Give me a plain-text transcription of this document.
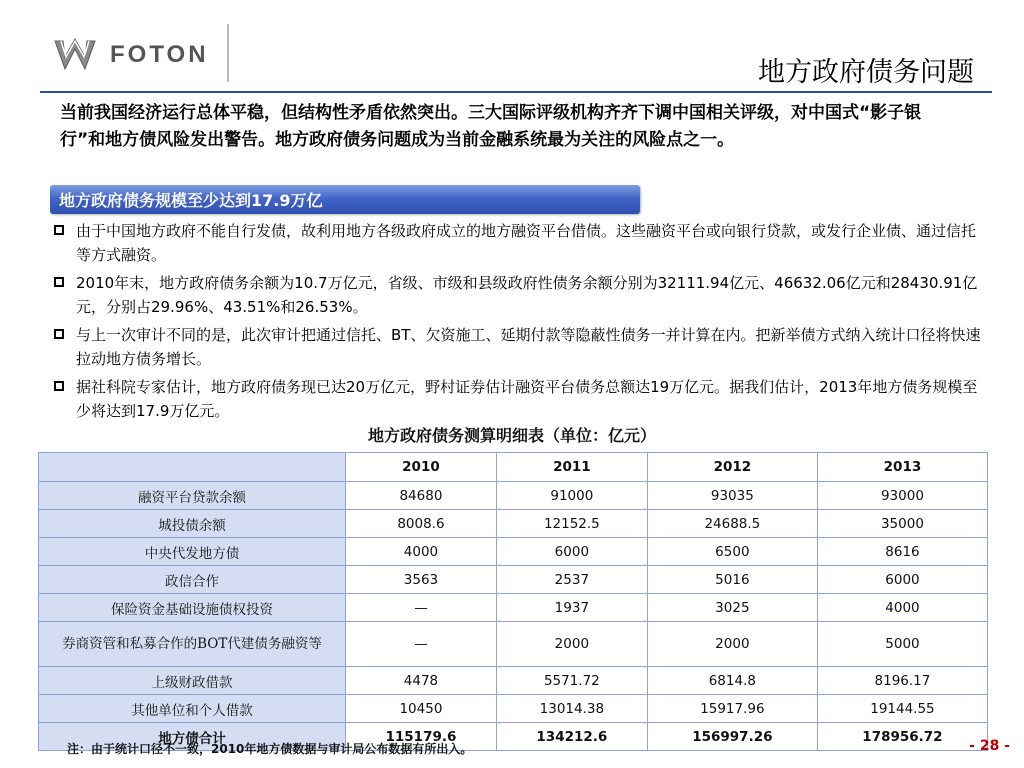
FOTON
地方政府债务问题
当前我国经济运行总体平稳，但结构性矛盾依然突出。三大国际评级机构齐齐下调中国相关评级，对中国式“影子银行”和地方债风险发出警告。地方政府债务问题成为当前金融系统最为关注的风险点之一。
地方政府债务规模至少达到17.9万亿
由于中国地方政府不能自行发债，故利用地方各级政府成立的地方融资平台借债。这些融资平台或向银行贷款，或发行企业债、通过信托等方式融资。
2010年末，地方政府债务余额为10.7万亿元，省级、市级和县级政府性债务余额分别为32111.94亿元、46632.06亿元和28430.91亿元，分别占29.96%、43.51%和26.53%。
与上一次审计不同的是，此次审计把通过信托、BT、欠资施工、延期付款等隐蔽性债务一并计算在内。把新举债方式纳入统计口径将快速拉动地方债务增长。
据社科院专家估计，地方政府债务现已达20万亿元，野村证券估计融资平台债务总额达19万亿元。据我们估计，2013年地方债务规模至少将达到17.9万亿元。
地方政府债务测算明细表（单位：亿元）
	2010	2011	2012	2013
融资平台贷款余额	84680	91000	93035	93000
城投债余额	8008.6	12152.5	24688.5	35000
中央代发地方债	4000	6000	6500	8616
政信合作	3563	2537	5016	6000
保险资金基础设施债权投资	—	1937	3025	4000
券商资管和私募合作的BOT代建债务融资等	—	2000	2000	5000
上级财政借款	4478	5571.72	6814.8	8196.17
其他单位和个人借款	10450	13014.38	15917.96	19144.55
地方债合计	115179.6	134212.6	156997.26	178956.72
注：由于统计口径不一致，2010年地方债数据与审计局公布数据有所出入。	- 28 -
